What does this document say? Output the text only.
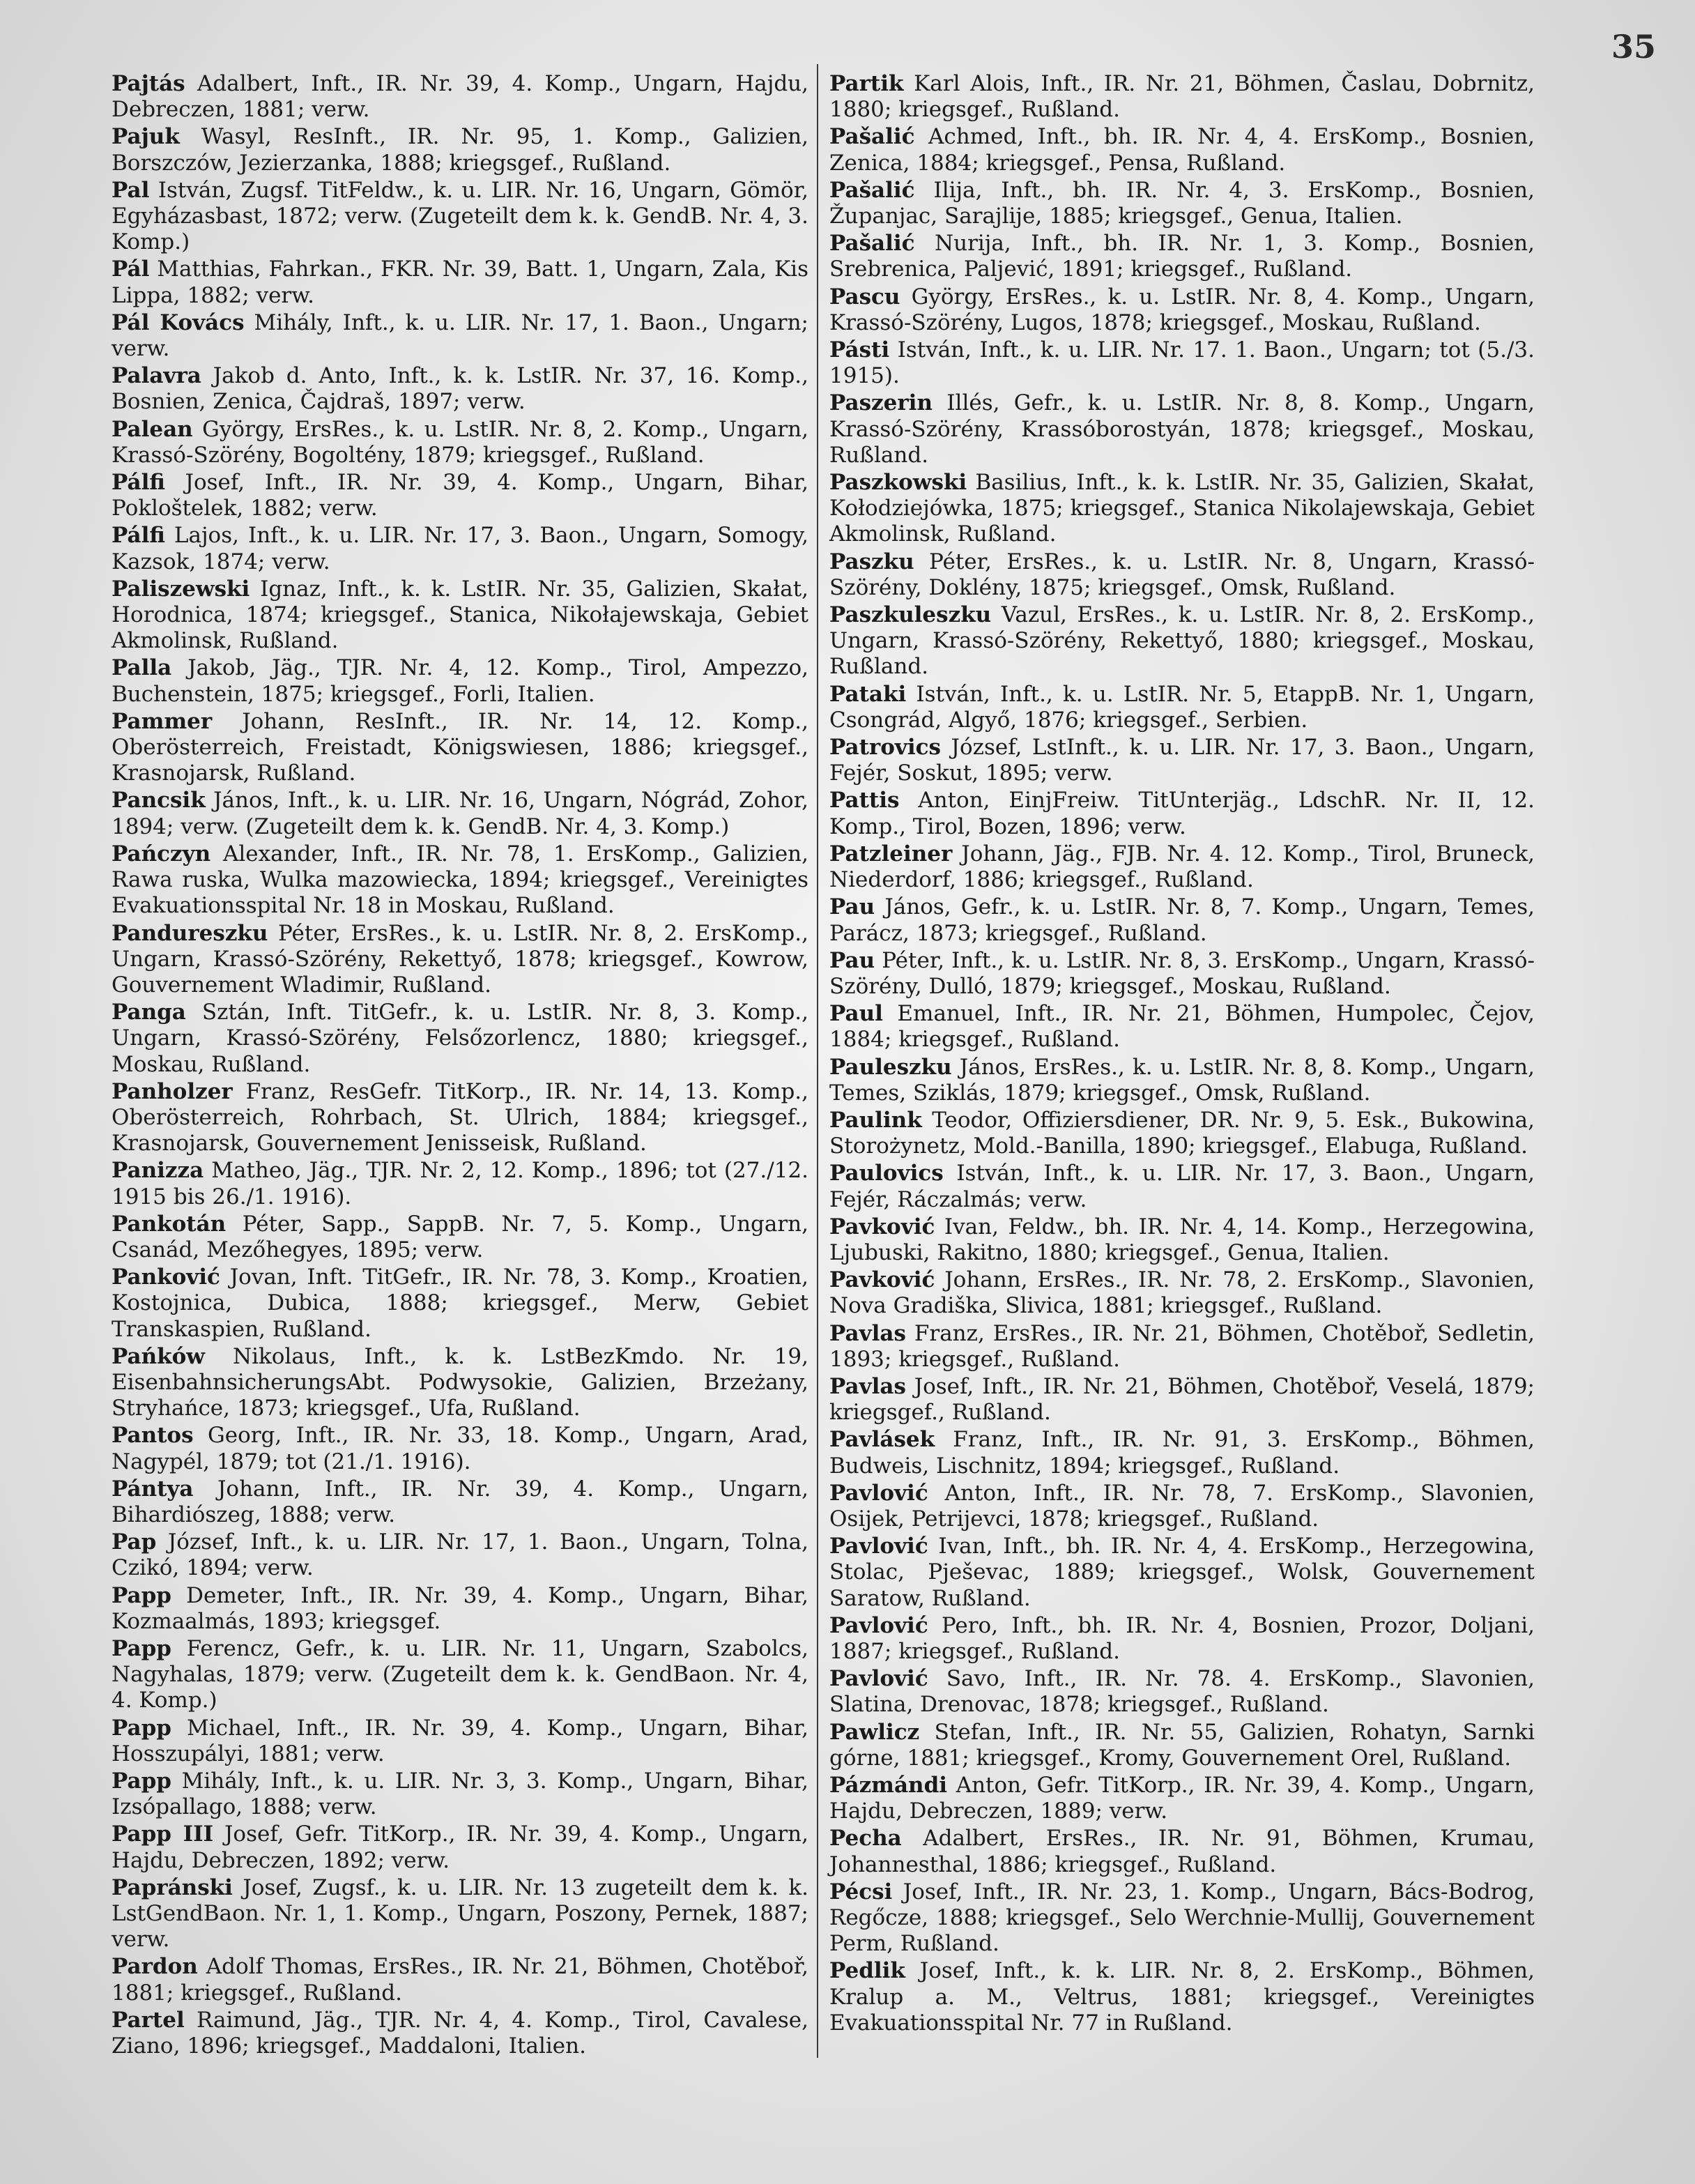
35

Pajtás Adalbert, Inft., IR. Nr. 39, 4. Komp., Ungarn, Hajdu, Debreczen, 1881; verw.

Pajuk Wasyl, ResInft., IR. Nr. 95, 1. Komp., Galizien, Borszczów, Jezierzanka, 1888; kriegsgef., Rußland.

Pal István, Zugsf. TitFeldw., k. u. LIR. Nr. 16, Ungarn, Gömör, Egyházasbast, 1872; verw. (Zugeteilt dem k. k. GendB. Nr. 4, 3. Komp.)

Pál Matthias, Fahrkan., FKR. Nr. 39, Batt. 1, Ungarn, Zala, Kis Lippa, 1882; verw.

Pál Kovács Mihály, Inft., k. u. LIR. Nr. 17, 1. Baon., Ungarn; verw.

Palavra Jakob d. Anto, Inft., k. k. LstIR. Nr. 37, 16. Komp., Bosnien, Zenica, Čajdraš, 1897; verw.

Palean György, ErsRes., k. u. LstIR. Nr. 8, 2. Komp., Ungarn, Krassó-Szörény, Bogoltény, 1879; kriegsgef., Rußland.

Pálfi Josef, Inft., IR. Nr. 39, 4. Komp., Ungarn, Bihar, Pokloštelek, 1882; verw.

Pálfi Lajos, Inft., k. u. LIR. Nr. 17, 3. Baon., Ungarn, Somogy, Kazsok, 1874; verw.

Paliszewski Ignaz, Inft., k. k. LstIR. Nr. 35, Galizien, Skałat, Horodnica, 1874; kriegsgef., Stanica, Nikołajewskaja, Gebiet Akmolinsk, Rußland.

Palla Jakob, Jäg., TJR. Nr. 4, 12. Komp., Tirol, Ampezzo, Buchenstein, 1875; kriegsgef., Forli, Italien.

Pammer Johann, ResInft., IR. Nr. 14, 12. Komp., Oberösterreich, Freistadt, Königswiesen, 1886; kriegsgef., Krasnojarsk, Rußland.

Pancsik János, Inft., k. u. LIR. Nr. 16, Ungarn, Nógrád, Zohor, 1894; verw. (Zugeteilt dem k. k. GendB. Nr. 4, 3. Komp.)

Pańczyn Alexander, Inft., IR. Nr. 78, 1. ErsKomp., Galizien, Rawa ruska, Wulka mazowiecka, 1894; kriegsgef., Vereinigtes Evakuationsspital Nr. 18 in Moskau, Rußland.

Pandureszku Péter, ErsRes., k. u. LstIR. Nr. 8, 2. ErsKomp., Ungarn, Krassó-Szörény, Rekettyő, 1878; kriegsgef., Kowrow, Gouvernement Wladimir, Rußland.

Panga Sztán, Inft. TitGefr., k. u. LstIR. Nr. 8, 3. Komp., Ungarn, Krassó-Szörény, Felsőzorlencz, 1880; kriegsgef., Moskau, Rußland.

Panholzer Franz, ResGefr. TitKorp., IR. Nr. 14, 13. Komp., Oberösterreich, Rohrbach, St. Ulrich, 1884; kriegsgef., Krasnojarsk, Gouvernement Jenisseisk, Rußland.

Panizza Matheo, Jäg., TJR. Nr. 2, 12. Komp., 1896; tot (27./12. 1915 bis 26./1. 1916).

Pankotán Péter, Sapp., SappB. Nr. 7, 5. Komp., Ungarn, Csanád, Mezőhegyes, 1895; verw.

Panković Jovan, Inft. TitGefr., IR. Nr. 78, 3. Komp., Kroatien, Kostojnica, Dubica, 1888; kriegsgef., Merw, Gebiet Transkaspien, Rußland.

Pańków Nikolaus, Inft., k. k. LstBezKmdo. Nr. 19, EisenbahnsicherungsAbt. Podwysokie, Galizien, Brzeżany, Stryhańce, 1873; kriegsgef., Ufa, Rußland.

Pantos Georg, Inft., IR. Nr. 33, 18. Komp., Ungarn, Arad, Nagypél, 1879; tot (21./1. 1916).

Pántya Johann, Inft., IR. Nr. 39, 4. Komp., Ungarn, Bihardiószeg, 1888; verw.

Pap József, Inft., k. u. LIR. Nr. 17, 1. Baon., Ungarn, Tolna, Czikó, 1894; verw.

Papp Demeter, Inft., IR. Nr. 39, 4. Komp., Ungarn, Bihar, Kozmaalmás, 1893; kriegsgef.

Papp Ferencz, Gefr., k. u. LIR. Nr. 11, Ungarn, Szabolcs, Nagyhalas, 1879; verw. (Zugeteilt dem k. k. GendBaon. Nr. 4, 4. Komp.)

Papp Michael, Inft., IR. Nr. 39, 4. Komp., Ungarn, Bihar, Hosszupályi, 1881; verw.

Papp Mihály, Inft., k. u. LIR. Nr. 3, 3. Komp., Ungarn, Bihar, Izsópallago, 1888; verw.

Papp III Josef, Gefr. TitKorp., IR. Nr. 39, 4. Komp., Ungarn, Hajdu, Debreczen, 1892; verw.

Papránski Josef, Zugsf., k. u. LIR. Nr. 13 zugeteilt dem k. k. LstGendBaon. Nr. 1, 1. Komp., Ungarn, Poszony, Pernek, 1887; verw.

Pardon Adolf Thomas, ErsRes., IR. Nr. 21, Böhmen, Chotěboř, 1881; kriegsgef., Rußland.

Partel Raimund, Jäg., TJR. Nr. 4, 4. Komp., Tirol, Cavalese, Ziano, 1896; kriegsgef., Maddaloni, Italien.

Partik Karl Alois, Inft., IR. Nr. 21, Böhmen, Časlau, Dobrnitz, 1880; kriegsgef., Rußland.

Pašalić Achmed, Inft., bh. IR. Nr. 4, 4. ErsKomp., Bosnien, Zenica, 1884; kriegsgef., Pensa, Rußland.

Pašalić Ilija, Inft., bh. IR. Nr. 4, 3. ErsKomp., Bosnien, Županjac, Sarajlije, 1885; kriegsgef., Genua, Italien.

Pašalić Nurija, Inft., bh. IR. Nr. 1, 3. Komp., Bosnien, Srebrenica, Paljević, 1891; kriegsgef., Rußland.

Pascu György, ErsRes., k. u. LstIR. Nr. 8, 4. Komp., Ungarn, Krassó-Szörény, Lugos, 1878; kriegsgef., Moskau, Rußland.

Pásti István, Inft., k. u. LIR. Nr. 17. 1. Baon., Ungarn; tot (5./3. 1915).

Paszerin Illés, Gefr., k. u. LstIR. Nr. 8, 8. Komp., Ungarn, Krassó-Szörény, Krassóborostyán, 1878; kriegsgef., Moskau, Rußland.

Paszkowski Basilius, Inft., k. k. LstIR. Nr. 35, Galizien, Skałat, Kołodziejówka, 1875; kriegsgef., Stanica Nikolajewskaja, Gebiet Akmolinsk, Rußland.

Paszku Péter, ErsRes., k. u. LstIR. Nr. 8, Ungarn, Krassó-Szörény, Doklény, 1875; kriegsgef., Omsk, Rußland.

Paszkuleszku Vazul, ErsRes., k. u. LstIR. Nr. 8, 2. ErsKomp., Ungarn, Krassó-Szörény, Rekettyő, 1880; kriegsgef., Moskau, Rußland.

Pataki István, Inft., k. u. LstIR. Nr. 5, EtappB. Nr. 1, Ungarn, Csongrád, Algyő, 1876; kriegsgef., Serbien.

Patrovics József, LstInft., k. u. LIR. Nr. 17, 3. Baon., Ungarn, Fejér, Soskut, 1895; verw.

Pattis Anton, EinjFreiw. TitUnterjäg., LdschR. Nr. II, 12. Komp., Tirol, Bozen, 1896; verw.

Patzleiner Johann, Jäg., FJB. Nr. 4. 12. Komp., Tirol, Bruneck, Niederdorf, 1886; kriegsgef., Rußland.

Pau János, Gefr., k. u. LstIR. Nr. 8, 7. Komp., Ungarn, Temes, Parácz, 1873; kriegsgef., Rußland.

Pau Péter, Inft., k. u. LstIR. Nr. 8, 3. ErsKomp., Ungarn, Krassó-Szörény, Dulló, 1879; kriegsgef., Moskau, Rußland.

Paul Emanuel, Inft., IR. Nr. 21, Böhmen, Humpolec, Čejov, 1884; kriegsgef., Rußland.

Pauleszku János, ErsRes., k. u. LstIR. Nr. 8, 8. Komp., Ungarn, Temes, Sziklás, 1879; kriegsgef., Omsk, Rußland.

Paulink Teodor, Offiziersdiener, DR. Nr. 9, 5. Esk., Bukowina, Storożynetz, Mold.-Banilla, 1890; kriegsgef., Elabuga, Rußland.

Paulovics István, Inft., k. u. LIR. Nr. 17, 3. Baon., Ungarn, Fejér, Ráczalmás; verw.

Pavković Ivan, Feldw., bh. IR. Nr. 4, 14. Komp., Herzegowina, Ljubuski, Rakitno, 1880; kriegsgef., Genua, Italien.

Pavković Johann, ErsRes., IR. Nr. 78, 2. ErsKomp., Slavonien, Nova Gradiška, Slivica, 1881; kriegsgef., Rußland.

Pavlas Franz, ErsRes., IR. Nr. 21, Böhmen, Chotěboř, Sedletin, 1893; kriegsgef., Rußland.

Pavlas Josef, Inft., IR. Nr. 21, Böhmen, Chotěboř, Veselá, 1879; kriegsgef., Rußland.

Pavlásek Franz, Inft., IR. Nr. 91, 3. ErsKomp., Böhmen, Budweis, Lischnitz, 1894; kriegsgef., Rußland.

Pavlović Anton, Inft., IR. Nr. 78, 7. ErsKomp., Slavonien, Osijek, Petrijevci, 1878; kriegsgef., Rußland.

Pavlović Ivan, Inft., bh. IR. Nr. 4, 4. ErsKomp., Herzegowina, Stolac, Pješevac, 1889; kriegsgef., Wolsk, Gouvernement Saratow, Rußland.

Pavlović Pero, Inft., bh. IR. Nr. 4, Bosnien, Prozor, Doljani, 1887; kriegsgef., Rußland.

Pavlović Savo, Inft., IR. Nr. 78. 4. ErsKomp., Slavonien, Slatina, Drenovac, 1878; kriegsgef., Rußland.

Pawlicz Stefan, Inft., IR. Nr. 55, Galizien, Rohatyn, Sarnki górne, 1881; kriegsgef., Kromy, Gouvernement Orel, Rußland.

Pázmándi Anton, Gefr. TitKorp., IR. Nr. 39, 4. Komp., Ungarn, Hajdu, Debreczen, 1889; verw.

Pecha Adalbert, ErsRes., IR. Nr. 91, Böhmen, Krumau, Johannesthal, 1886; kriegsgef., Rußland.

Pécsi Josef, Inft., IR. Nr. 23, 1. Komp., Ungarn, Bács-Bodrog, Regőcze, 1888; kriegsgef., Selo Werchnie-Mullij, Gouvernement Perm, Rußland.

Pedlik Josef, Inft., k. k. LIR. Nr. 8, 2. ErsKomp., Böhmen, Kralup a. M., Veltrus, 1881; kriegsgef., Vereinigtes Evakuationsspital Nr. 77 in Rußland.
